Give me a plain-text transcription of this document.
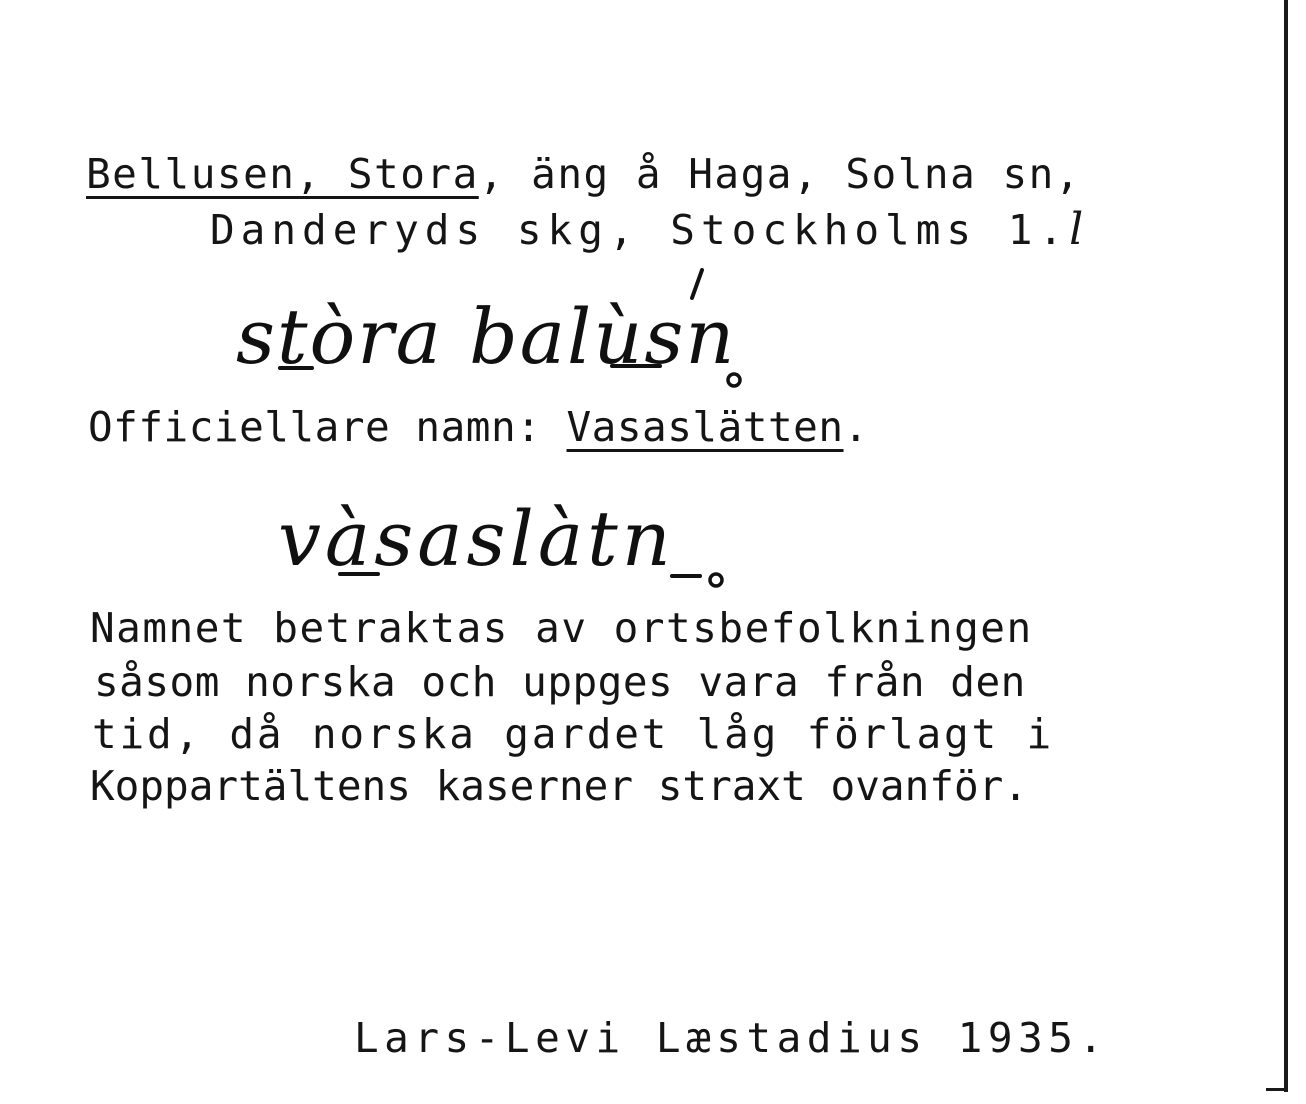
Bellusen, Stora, äng å Haga, Solna sn,
Danderyds skg, Stockholms 1.l
stòra balùsn
Officiellare namn: Vasaslätten.
vàsaslàtn
Namnet betraktas av ortsbefolkningen
såsom norska och uppges vara från den
tid, då norska gardet låg förlagt i
Koppartältens kaserner straxt ovanför.
Lars-Levi Læstadius 1935.
